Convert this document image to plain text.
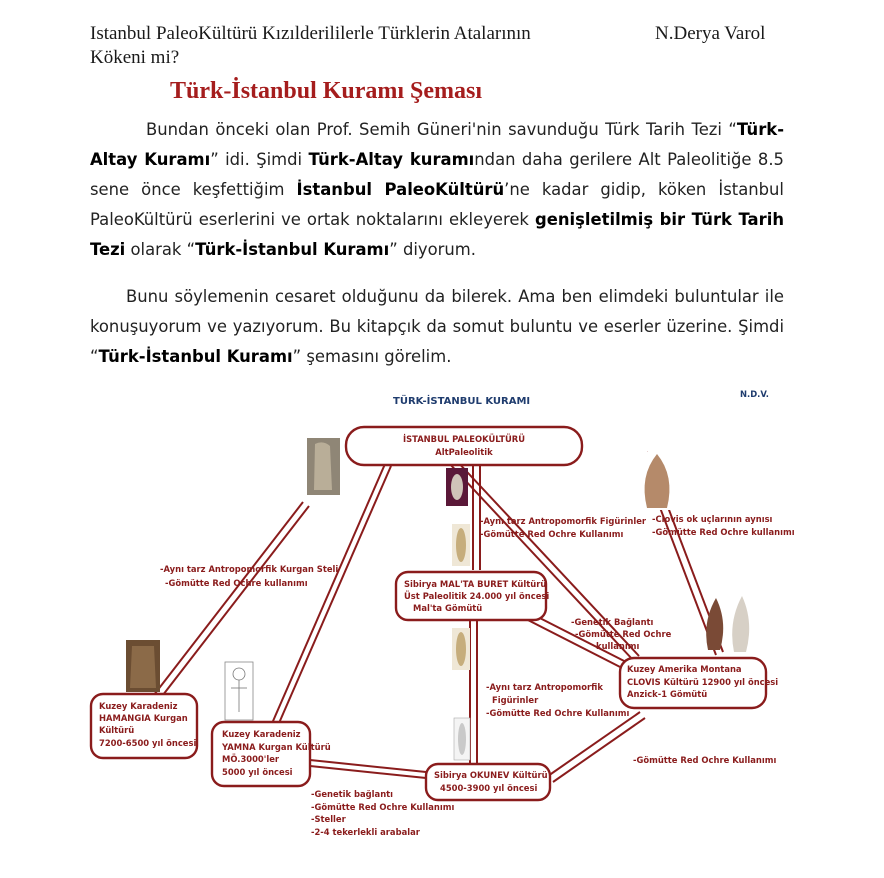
Istanbul PaleoKültürü Kızılderililerle Türklerin Atalarının Kökeni mi?
N.Derya Varol
Türk-İstanbul Kuramı Şeması
Bundan önceki olan Prof. Semih Güneri'nin savunduğu Türk Tarih Tezi “Türk-Altay Kuramı” idi. Şimdi Türk-Altay kuramından daha gerilere Alt Paleolitiğe 8.5 sene önce keşfettiğim İstanbul PaleoKültürü’ne kadar gidip, köken İstanbul PaleoKültürü eserlerini ve ortak noktalarını ekleyerek genişletilmiş bir Türk Tarih Tezi olarak “Türk-İstanbul Kuramı” diyorum.
Bunu söylemenin cesaret olduğunu da bilerek. Ama ben elimdeki buluntular ile konuşuyorum ve yazıyorum. Bu kitapçık da somut buluntu ve eserler üzerine. Şimdi “Türk-İstanbul Kuramı” şemasını görelim.
TÜRK-İSTANBUL KURAMI
N.D.V.
İSTANBUL PALEOKÜLTÜRÜ
AltPaleolitik
Sibirya MAL'TA BURET Kültürü
Üst Paleolitik 24.000 yıl öncesi
Mal'ta Gömütü
Kuzey Amerika Montana
CLOVIS Kültürü 12900 yıl öncesi
Anzick-1 Gömütü
Kuzey Karadeniz
HAMANGIA Kurgan
Kültürü
7200-6500 yıl öncesi
Kuzey Karadeniz
YAMNA Kurgan Kültürü
MÖ.3000'ler
5000 yıl öncesi	Sibirya OKUNEV Kültürü
4500-3900 yıl öncesi
-Aynı tarz Antropomorfik Kurgan Steli
-Gömütte Red Ochre kullanımı
-Aynı tarz Antropomorfik Figürinler
-Gömütte Red Ochre Kullanımı
-Clovis ok uçlarının aynısı
-Gömütte Red Ochre kullanımı
-Genetik Bağlantı
-Gömütte Red Ochre
kullanımı
-Aynı tarz Antropomorfik
Figürinler
-Gömütte Red Ochre Kullanımı
-Gömütte Red Ochre Kullanımı
-Genetik bağlantı
-Gömütte Red Ochre Kullanımı
-Steller
-2-4 tekerlekli arabalar
